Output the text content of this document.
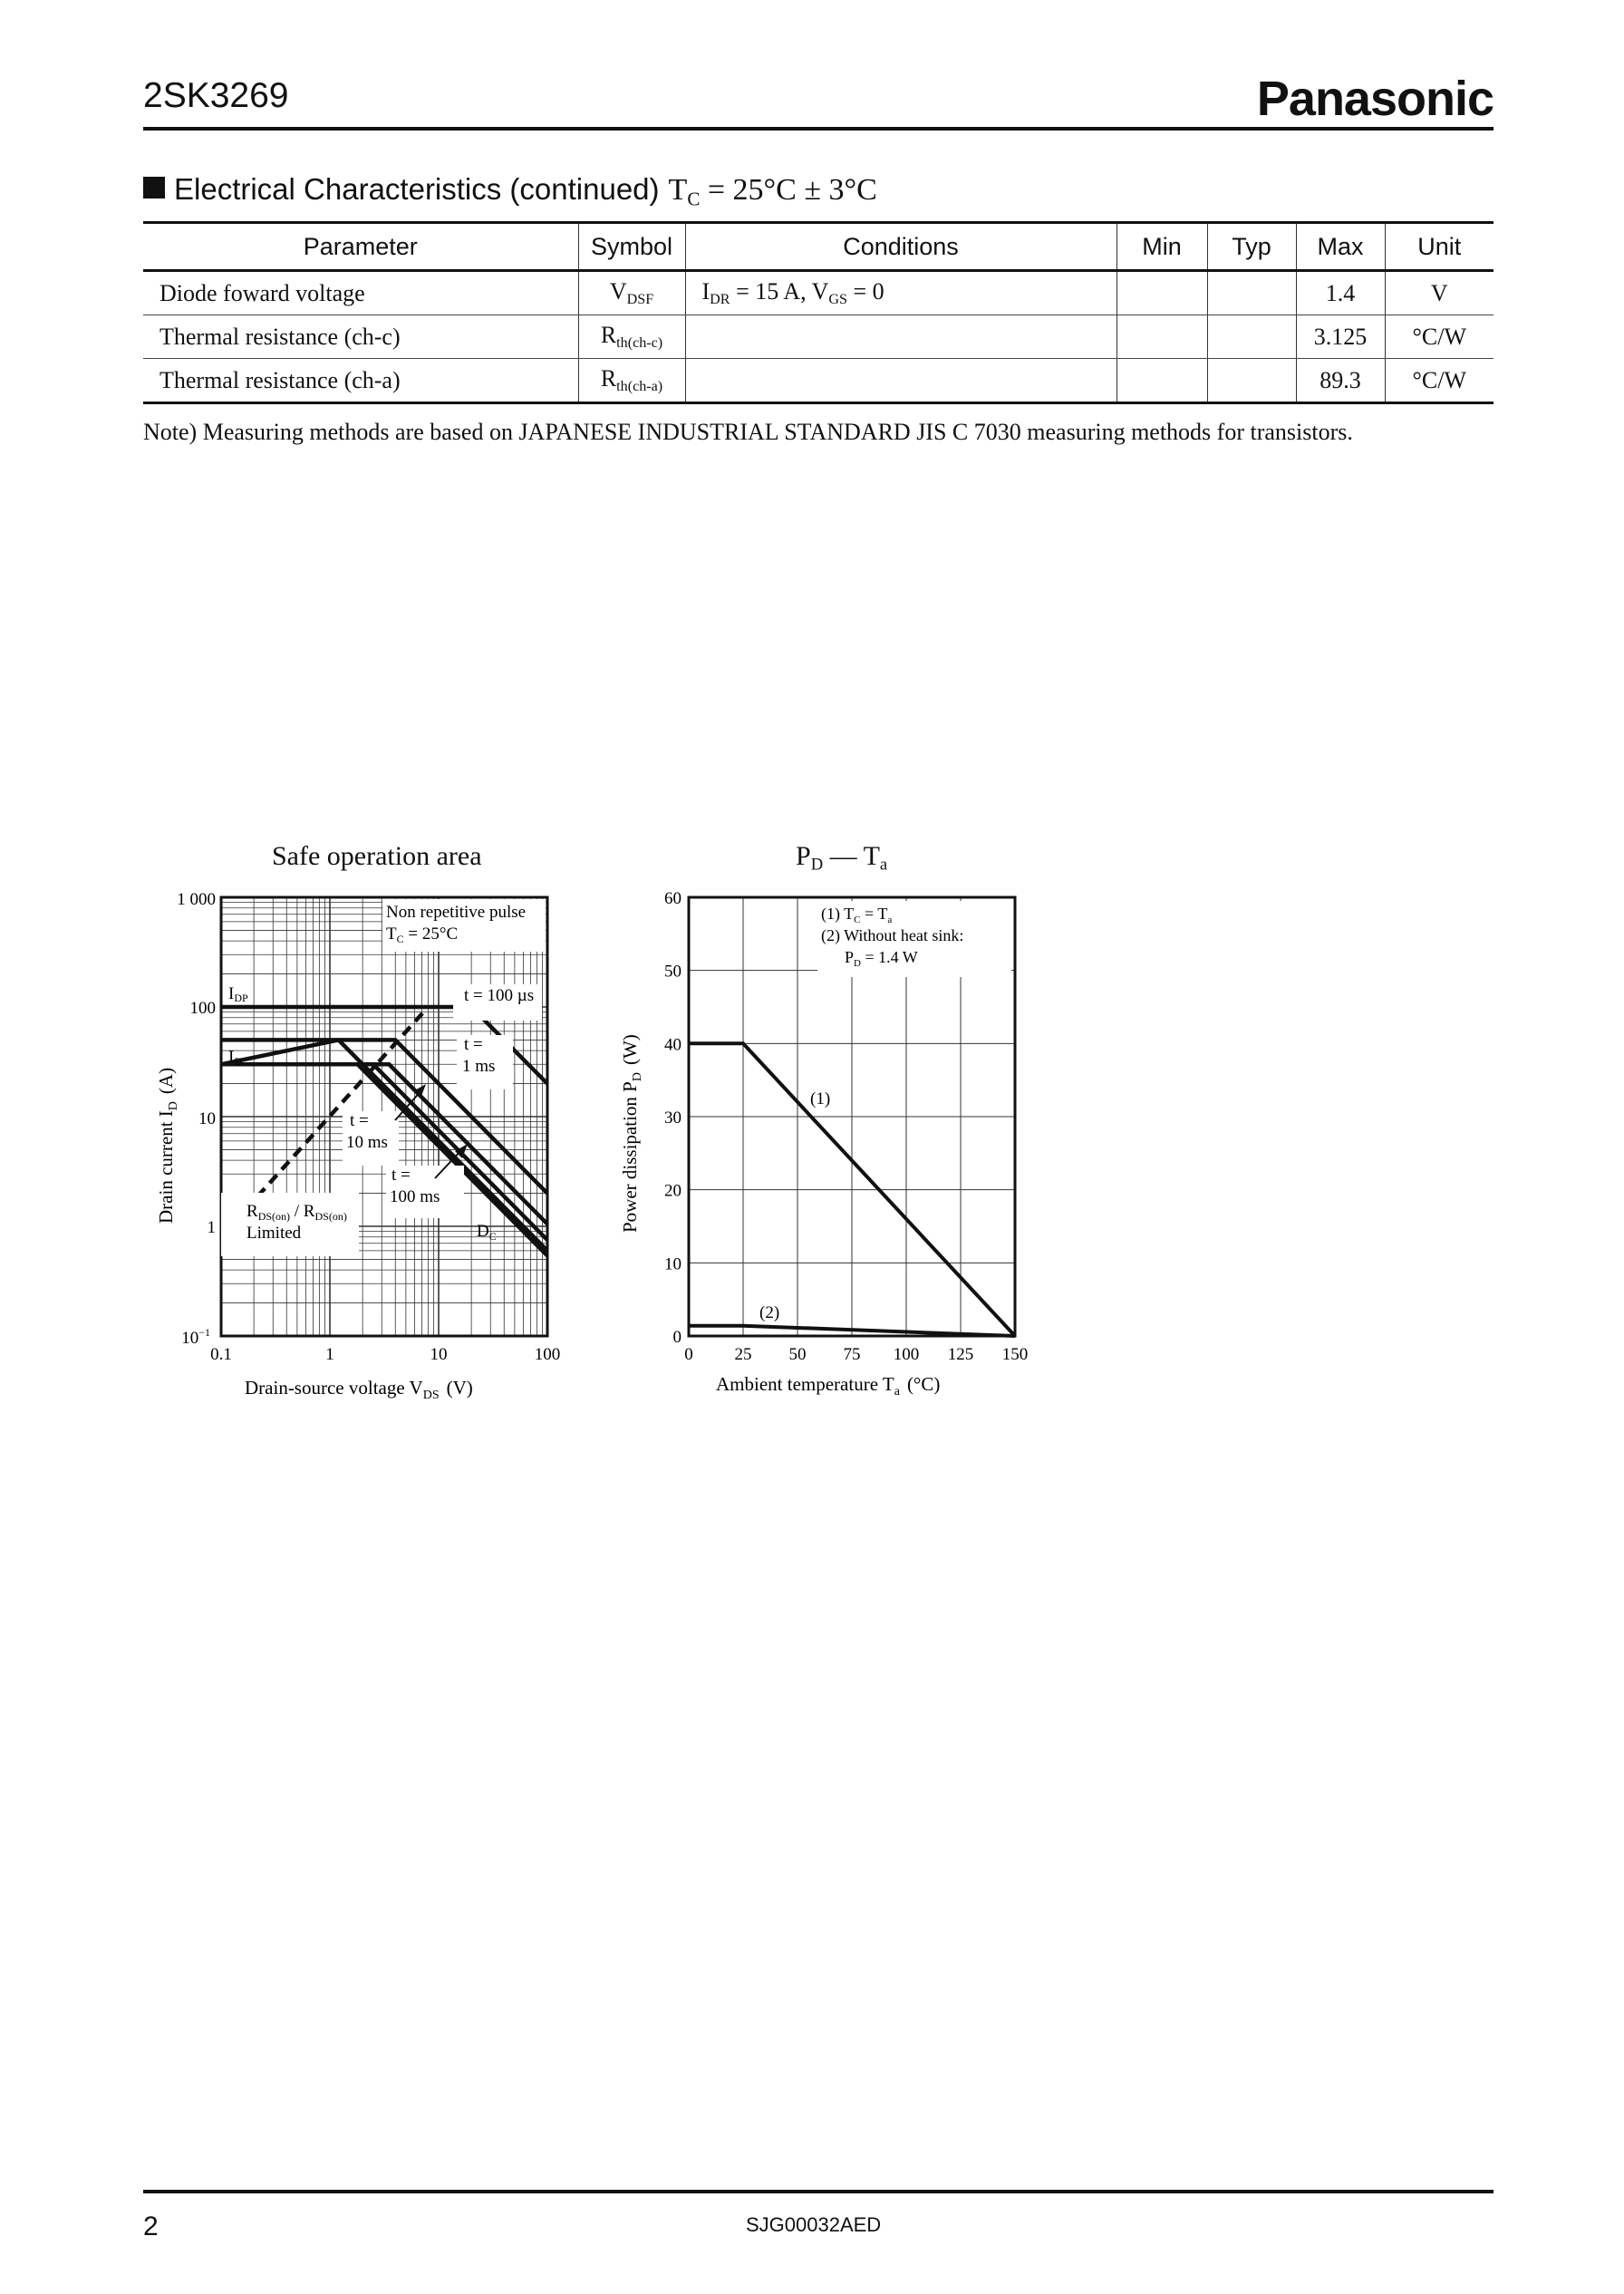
2SK3269	Panasonic
Electrical Characteristics (continued) $T_C = 25^\circ C \pm 3^\circ C$
Parameter	Symbol	Conditions	Min	Typ	Max	Unit
Diode foward voltage	$V_{DSF}$	$I_{DR} = 15$ A, $V_{GS} = 0$			1.4	V
Thermal resistance (ch-c)	$R_{th(ch-c)}$				3.125	°C/W
Thermal resistance (ch-a)	$R_{th(ch-a)}$				89.3	°C/W
Note) Measuring methods are based on JAPANESE INDUSTRIAL STANDARD JIS C 7030 measuring methods for transistors.
Safe operation area
Non repetitive pulse
$T_C = 25^\circ C$
IDP
ID
t = 100 µs
t =
1 ms
t =
10 ms
t =
100 ms
$R_{DS(on)} / R_{DS(on)}$
Limited	$D_C$
1 000
100
10
1
$10^{-1}$
0.1	1	10	100
Drain-source voltage $V_{DS}$ (V)
Drain current $I_D(A)$
$P_D$ — $T_a$
(1) $T_C = T_a$
(2) Without heat sink:
$P_D = 1.4$ W
(1)
(2)
0 25 50 75 100 125 150
0
10
20
30
40
50
60
Ambient temperature $T_a$ (°C)
Power dissipation $P_D(W)$
2	SJG00032AED
